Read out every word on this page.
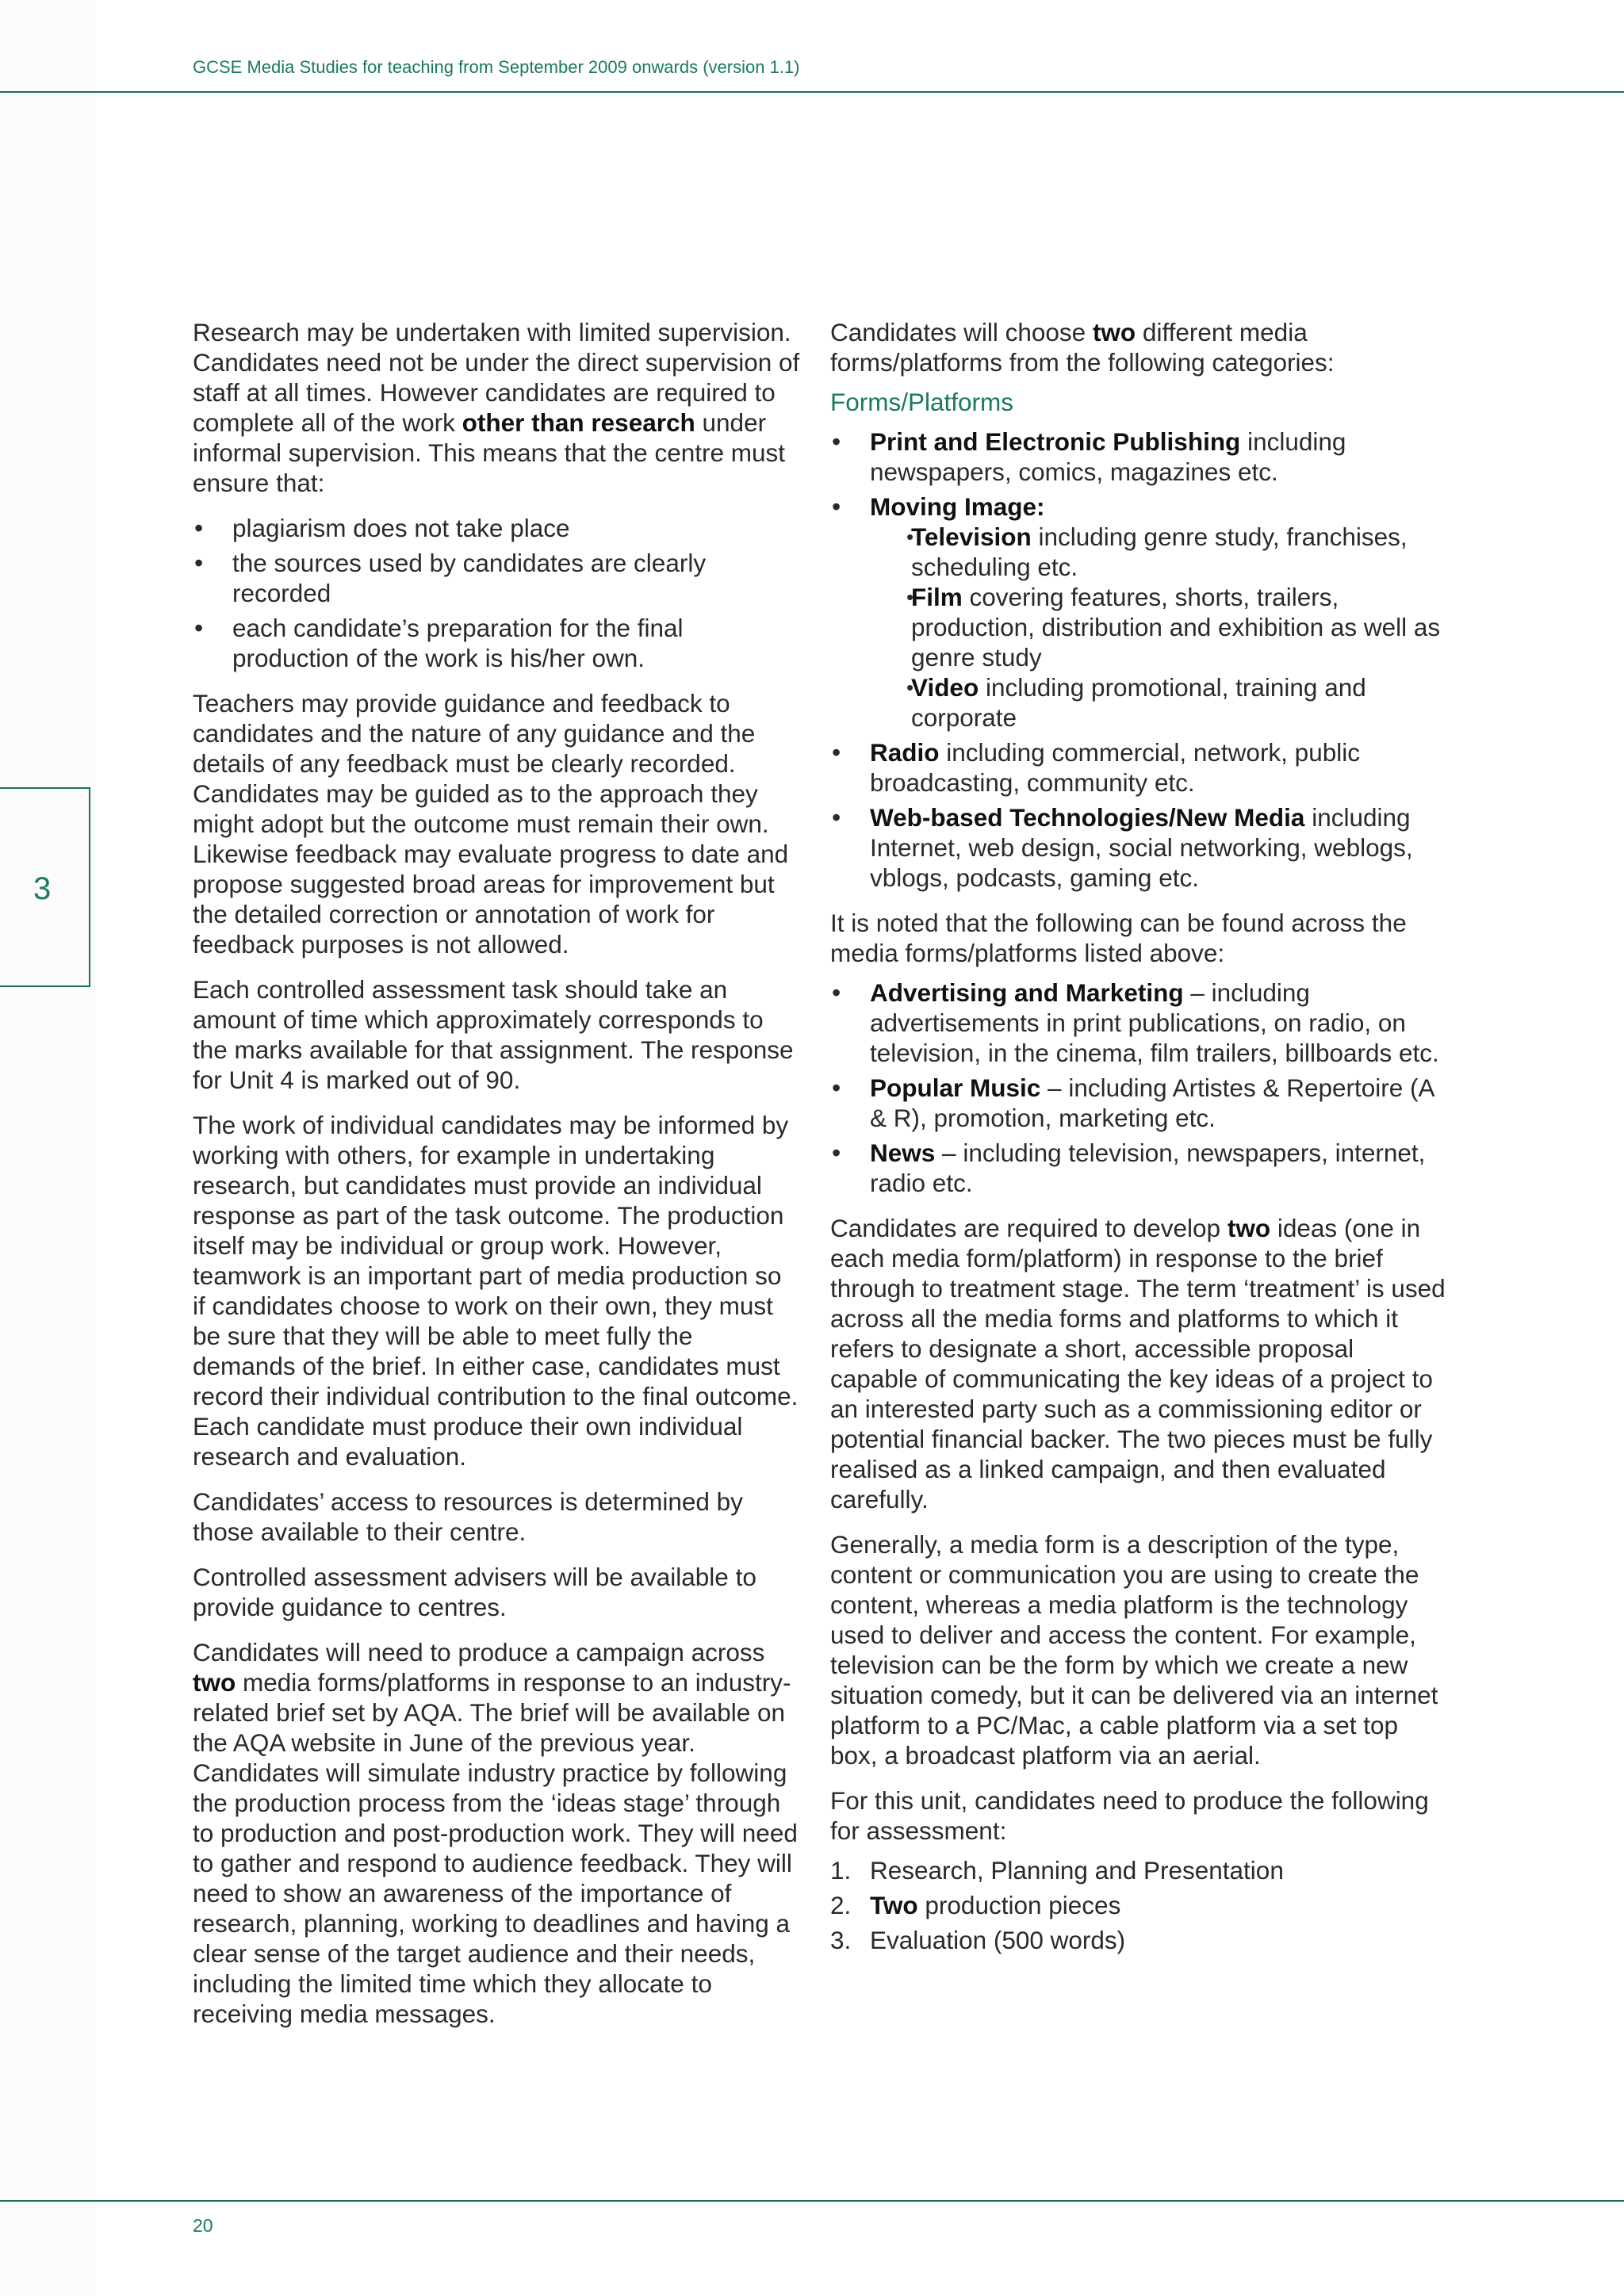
GCSE Media Studies for teaching from September 2009 onwards (version 1.1)
3

Research may be undertaken with limited supervision. Candidates need not be under the direct supervision of staff at all times. However candidates are required to complete all of the work other than research under informal supervision. This means that the centre must ensure that:

• plagiarism does not take place
• the sources used by candidates are clearly recorded
• each candidate’s preparation for the final production of the work is his/her own.

Teachers may provide guidance and feedback to candidates and the nature of any guidance and the details of any feedback must be clearly recorded. Candidates may be guided as to the approach they might adopt but the outcome must remain their own. Likewise feedback may evaluate progress to date and propose suggested broad areas for improvement but the detailed correction or annotation of work for feedback purposes is not allowed.

Each controlled assessment task should take an amount of time which approximately corresponds to the marks available for that assignment. The response for Unit 4 is marked out of 90.

The work of individual candidates may be informed by working with others, for example in undertaking research, but candidates must provide an individual response as part of the task outcome. The production itself may be individual or group work. However, teamwork is an important part of media production so if candidates choose to work on their own, they must be sure that they will be able to meet fully the demands of the brief. In either case, candidates must record their individual contribution to the final outcome. Each candidate must produce their own individual research and evaluation.

Candidates’ access to resources is determined by those available to their centre.

Controlled assessment advisers will be available to provide guidance to centres.

Candidates will need to produce a campaign across two media forms/platforms in response to an industry-related brief set by AQA. The brief will be available on the AQA website in June of the previous year. Candidates will simulate industry practice by following the production process from the ‘ideas stage’ through to production and post-production work. They will need to gather and respond to audience feedback. They will need to show an awareness of the importance of research, planning, working to deadlines and having a clear sense of the target audience and their needs, including the limited time which they allocate to receiving media messages.

Candidates will choose two different media forms/platforms from the following categories:

Forms/Platforms

• Print and Electronic Publishing including newspapers, comics, magazines etc.
• Moving Image:
• Television including genre study, franchises, scheduling etc.
• Film covering features, shorts, trailers, production, distribution and exhibition as well as genre study
• Video including promotional, training and corporate
• Radio including commercial, network, public broadcasting, community etc.
• Web-based Technologies/New Media including Internet, web design, social networking, weblogs, vblogs, podcasts, gaming etc.

It is noted that the following can be found across the media forms/platforms listed above:

• Advertising and Marketing – including advertisements in print publications, on radio, on television, in the cinema, film trailers, billboards etc.
• Popular Music – including Artistes & Repertoire (A & R), promotion, marketing etc.
• News – including television, newspapers, internet, radio etc.

Candidates are required to develop two ideas (one in each media form/platform) in response to the brief through to treatment stage. The term ‘treatment’ is used across all the media forms and platforms to which it refers to designate a short, accessible proposal capable of communicating the key ideas of a project to an interested party such as a commissioning editor or potential financial backer. The two pieces must be fully realised as a linked campaign, and then evaluated carefully.

Generally, a media form is a description of the type, content or communication you are using to create the content, whereas a media platform is the technology used to deliver and access the content. For example, television can be the form by which we create a new situation comedy, but it can be delivered via an internet platform to a PC/Mac, a cable platform via a set top box, a broadcast platform via an aerial.

For this unit, candidates need to produce the following for assessment:

1. Research, Planning and Presentation
2. Two production pieces
3. Evaluation (500 words)
20
